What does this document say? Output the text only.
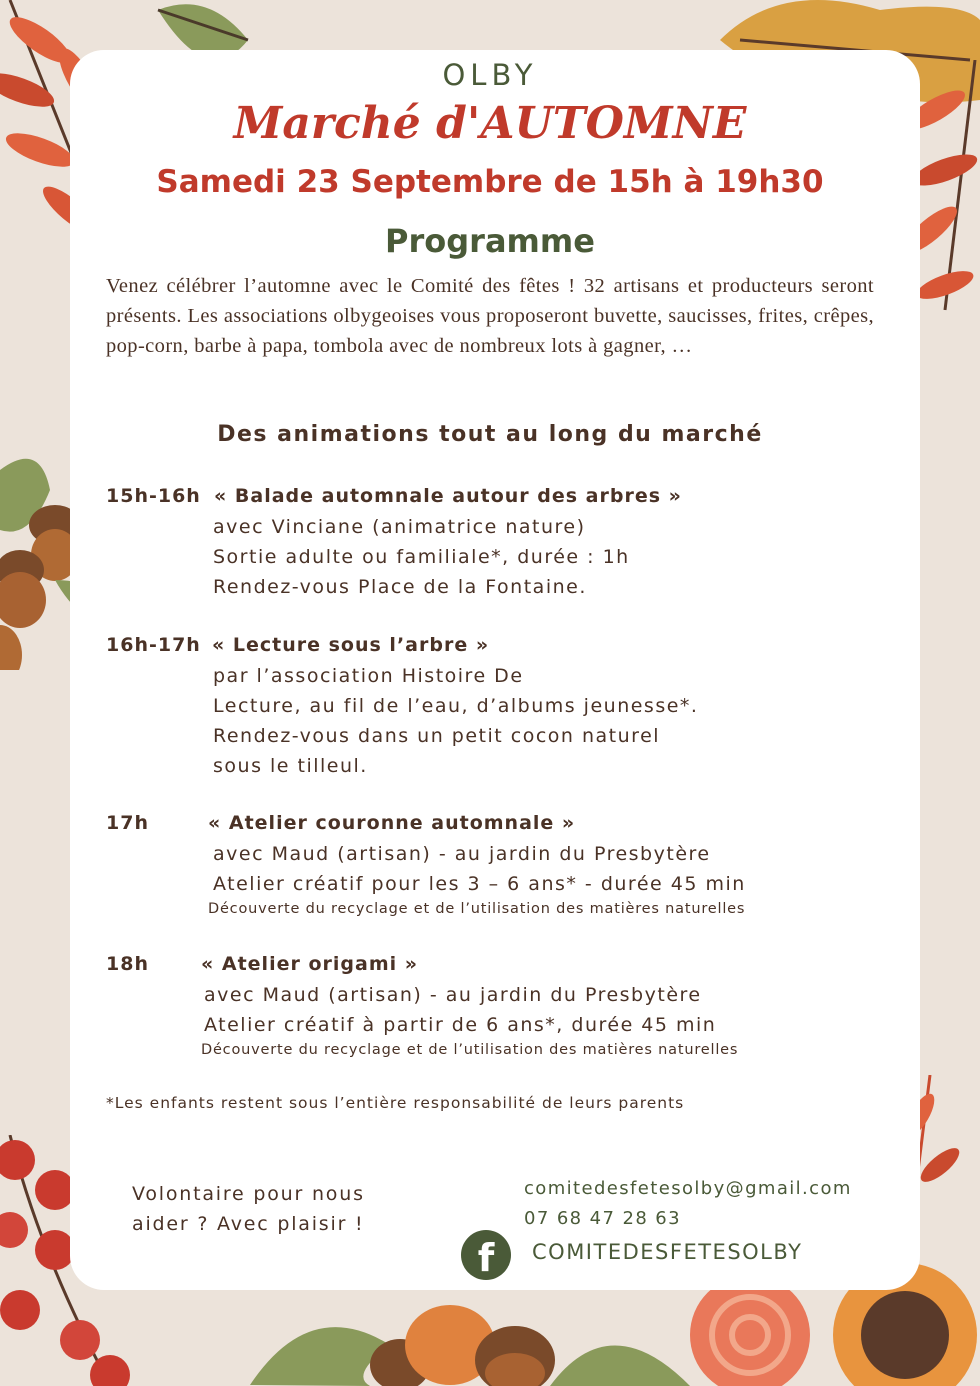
OLBY
Marché d'AUTOMNE
Samedi 23 Septembre de 15h à 19h30
Programme
Venez célébrer l’automne avec le Comité des fêtes ! 32 artisans et producteurs seront présents. Les associations olbygeoises vous proposeront buvette, saucisses, frites, crêpes, pop-corn, barbe à papa, tombola avec de nombreux lots à gagner, …
Des animations tout au long du marché
15h-16h « Balade automnale autour des arbres »
avec Vinciane (animatrice nature)
Sortie adulte ou familiale*, durée : 1h
Rendez-vous Place de la Fontaine.
16h-17h « Lecture sous l’arbre »
par l’association Histoire De
Lecture, au fil de l’eau, d’albums jeunesse*.
Rendez-vous dans un petit cocon naturel
sous le tilleul.
17h	« Atelier couronne automnale »
avec Maud (artisan) - au jardin du Presbytère
Atelier créatif pour les 3 – 6 ans* - durée 45 min
Découverte du recyclage et de l’utilisation des matières naturelles
18h	« Atelier origami »
avec Maud (artisan) - au jardin du Presbytère
Atelier créatif à partir de 6 ans*, durée 45 min
Découverte du recyclage et de l’utilisation des matières naturelles
*Les enfants restent sous l’entière responsabilité de leurs parents
Volontaire pour nous
aider ? Avec plaisir !
comitedesfetesolby@gmail.com
07 68 47 28 63
f	COMITEDESFETESOLBY
